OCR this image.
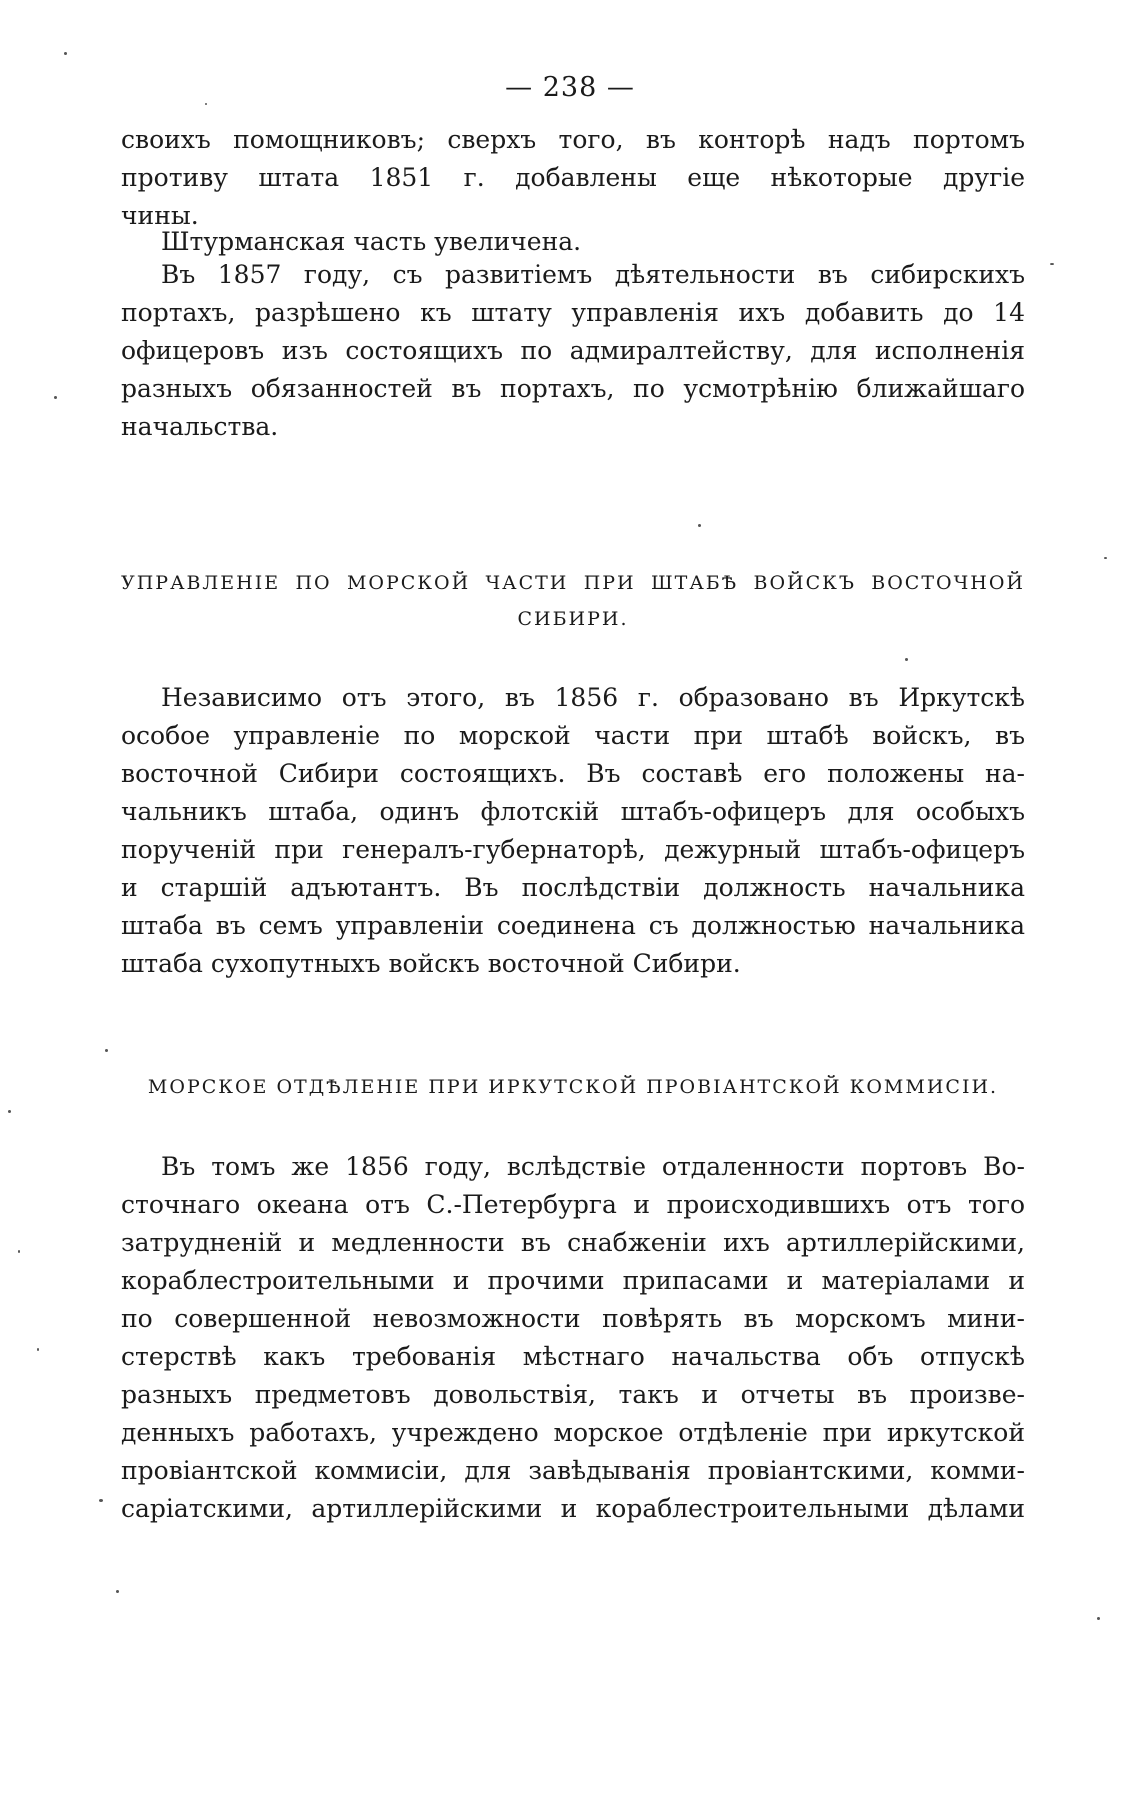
— 238 —
своихъ помощниковъ; сверхъ того, въ конторѣ надъ портомъ
противу штата 1851 г. добавлены еще нѣкоторые другіе
чины.
Штурманская часть увеличена.
Въ 1857 году, съ развитіемъ дѣятельности въ сибирскихъ
портахъ, разрѣшено къ штату управленія ихъ добавить до 14
офицеровъ изъ состоящихъ по адмиралтейству, для исполненія
разныхъ обязанностей въ портахъ, по усмотрѣнію ближайшаго
начальства.
УПРАВЛЕНІЕ ПО МОРСКОЙ ЧАСТИ ПРИ ШТАБѢ ВОЙСКЪ ВОСТОЧНОЙ
СИБИРИ.
Независимо отъ этого, въ 1856 г. образовано въ Иркутскѣ
особое управленіе по морской части при штабѣ войскъ, въ
восточной Сибири состоящихъ. Въ составѣ его положены на-
чальникъ штаба, одинъ флотскій штабъ-офицеръ для особыхъ
порученій при генералъ-губернаторѣ, дежурный штабъ-офицеръ
и старшій адъютантъ. Въ послѣдствіи должность начальника
штаба въ семъ управленіи соединена съ должностью начальника
штаба сухопутныхъ войскъ восточной Сибири.
МОРСКОЕ ОТДѢЛЕНІЕ ПРИ ИРКУТСКОЙ ПРОВІАНТСКОЙ КОММИСІИ.
Въ томъ же 1856 году, вслѣдствіе отдаленности портовъ Во-
сточнаго океана отъ С.-Петербурга и происходившихъ отъ того
затрудненій и медленности въ снабженіи ихъ артиллерійскими,
кораблестроительными и прочими припасами и матеріалами и
по совершенной невозможности повѣрять въ морскомъ мини-
стерствѣ какъ требованія мѣстнаго начальства объ отпускѣ
разныхъ предметовъ довольствія, такъ и отчеты въ произве-
денныхъ работахъ, учреждено морское отдѣленіе при иркутской
провіантской коммисіи, для завѣдыванія провіантскими, комми-
саріатскими, артиллерійскими и кораблестроительными дѣлами
